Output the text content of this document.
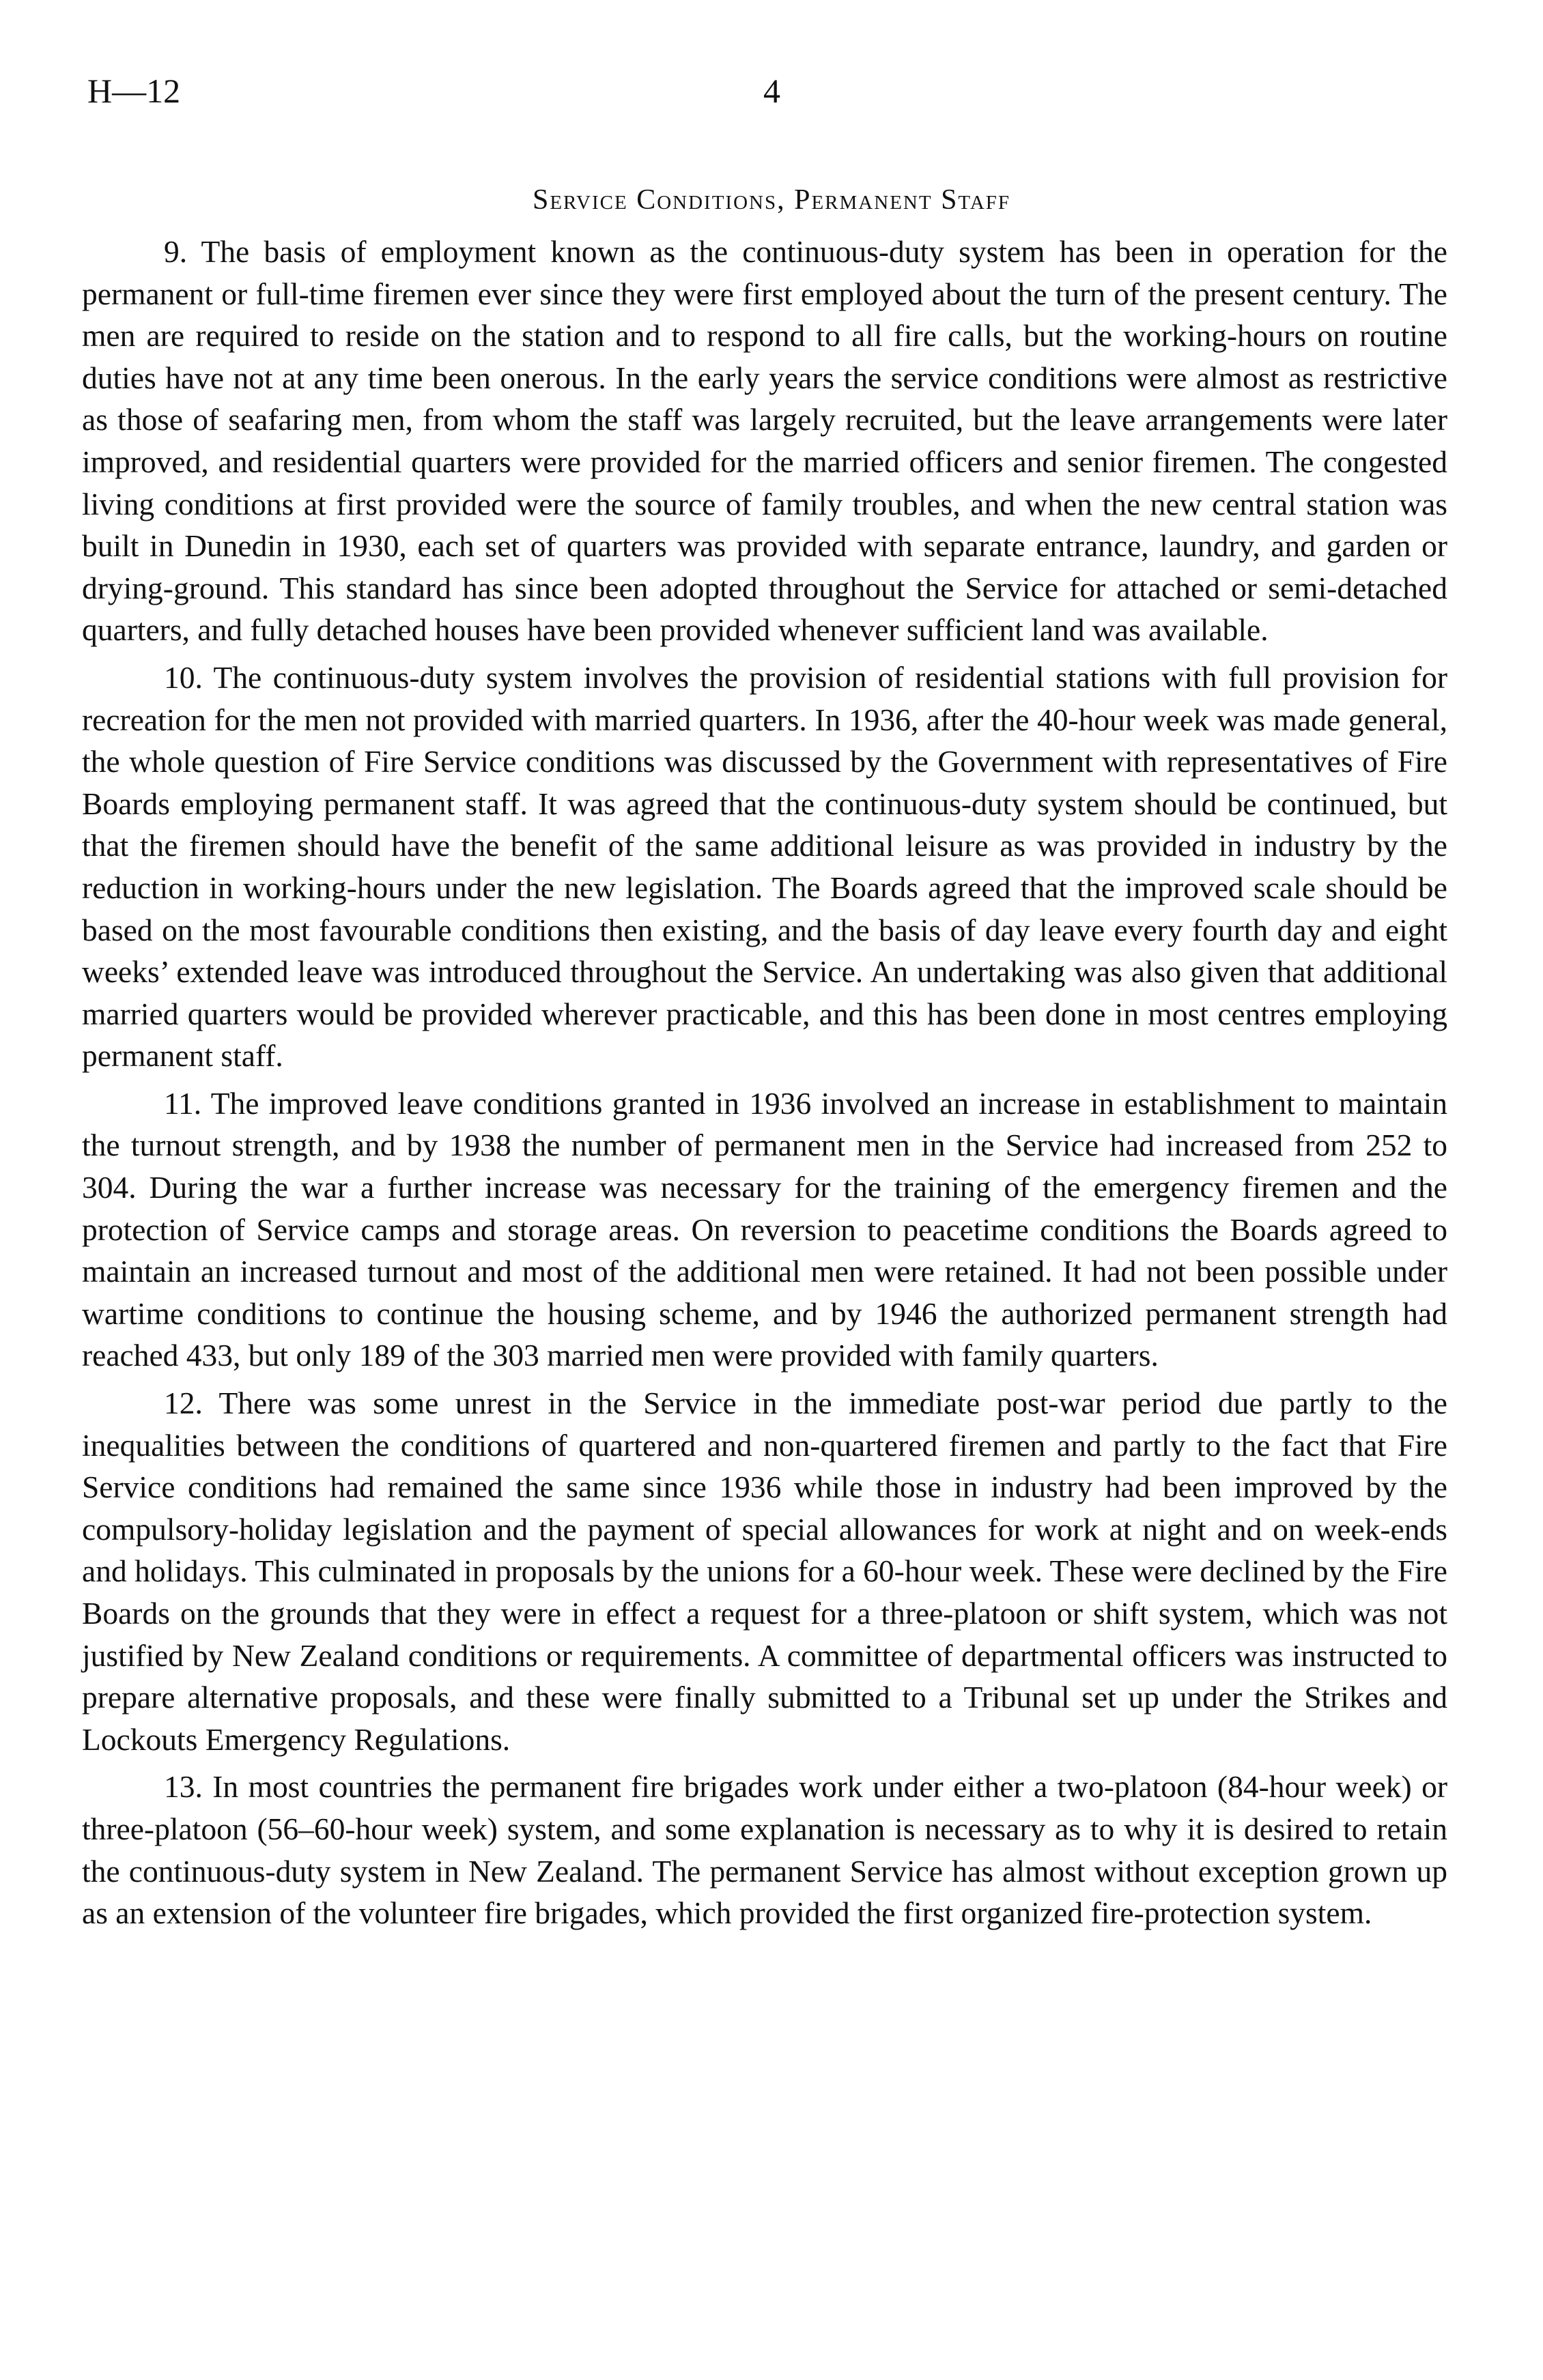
H—12	4
Service Conditions, Permanent Staff

9. The basis of employment known as the continuous-duty system has been in operation for the permanent or full-time firemen ever since they were first employed about the turn of the present century. The men are required to reside on the station and to respond to all fire calls, but the working-hours on routine duties have not at any time been onerous. In the early years the service conditions were almost as restrictive as those of seafaring men, from whom the staff was largely recruited, but the leave arrangements were later improved, and residential quarters were provided for the married officers and senior firemen. The congested living conditions at first provided were the source of family troubles, and when the new central station was built in Dunedin in 1930, each set of quarters was provided with separate entrance, laundry, and garden or drying-ground. This standard has since been adopted throughout the Service for attached or semi-detached quarters, and fully detached houses have been provided whenever sufficient land was available.

10. The continuous-duty system involves the provision of residential stations with full provision for recreation for the men not provided with married quarters. In 1936, after the 40-hour week was made general, the whole question of Fire Service conditions was discussed by the Government with representatives of Fire Boards employing permanent staff. It was agreed that the continuous-duty system should be continued, but that the firemen should have the benefit of the same additional leisure as was provided in industry by the reduction in working-hours under the new legislation. The Boards agreed that the improved scale should be based on the most favourable conditions then existing, and the basis of day leave every fourth day and eight weeks’ extended leave was introduced throughout the Service. An undertaking was also given that additional married quarters would be provided wherever practicable, and this has been done in most centres employing permanent staff.

11. The improved leave conditions granted in 1936 involved an increase in establishment to maintain the turnout strength, and by 1938 the number of permanent men in the Service had increased from 252 to 304. During the war a further increase was necessary for the training of the emergency firemen and the protection of Service camps and storage areas. On reversion to peacetime conditions the Boards agreed to maintain an increased turnout and most of the additional men were retained. It had not been possible under wartime conditions to continue the housing scheme, and by 1946 the authorized permanent strength had reached 433, but only 189 of the 303 married men were provided with family quarters.

12. There was some unrest in the Service in the immediate post-war period due partly to the inequalities between the conditions of quartered and non-quartered firemen and partly to the fact that Fire Service conditions had remained the same since 1936 while those in industry had been improved by the compulsory-holiday legislation and the payment of special allowances for work at night and on week-ends and holidays. This culminated in proposals by the unions for a 60-hour week. These were declined by the Fire Boards on the grounds that they were in effect a request for a three-platoon or shift system, which was not justified by New Zealand conditions or requirements. A committee of departmental officers was instructed to prepare alternative proposals, and these were finally submitted to a Tribunal set up under the Strikes and Lockouts Emergency Regulations.

13. In most countries the permanent fire brigades work under either a two-platoon (84-hour week) or three-platoon (56–60-hour week) system, and some explanation is necessary as to why it is desired to retain the continuous-duty system in New Zealand. The permanent Service has almost without exception grown up as an extension of the volunteer fire brigades, which provided the first organized fire-protection system.
